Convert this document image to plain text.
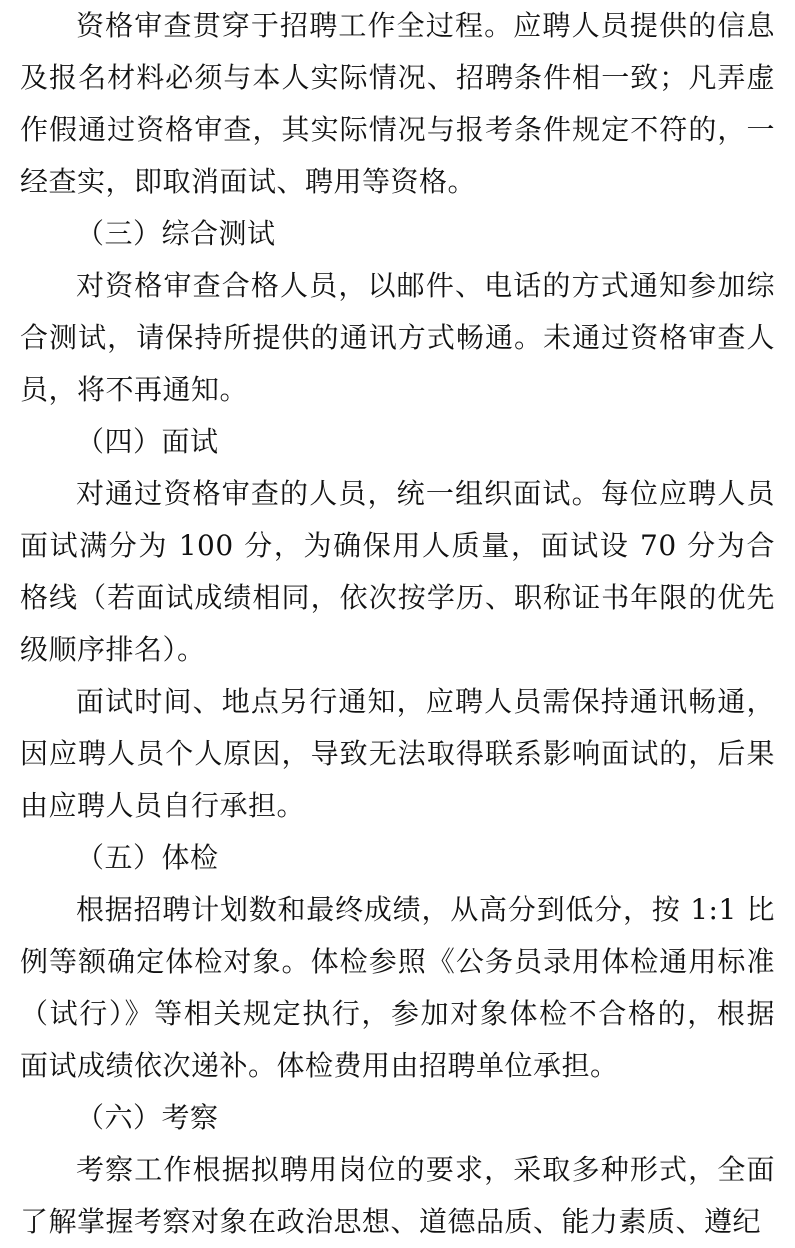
资格审查贯穿于招聘工作全过程。应聘人员提供的信息及报名材料必须与本人实际情况、招聘条件相一致；凡弄虚作假通过资格审查，其实际情况与报考条件规定不符的，一经查实，即取消面试、聘用等资格。

（三）综合测试

对资格审查合格人员，以邮件、电话的方式通知参加综合测试，请保持所提供的通讯方式畅通。未通过资格审查人员，将不再通知。

（四）面试

对通过资格审查的人员，统一组织面试。每位应聘人员面试满分为 100 分，为确保用人质量，面试设 70 分为合格线（若面试成绩相同，依次按学历、职称证书年限的优先级顺序排名）。

面试时间、地点另行通知，应聘人员需保持通讯畅通，因应聘人员个人原因，导致无法取得联系影响面试的，后果由应聘人员自行承担。

（五）体检

根据招聘计划数和最终成绩，从高分到低分，按 1:1 比例等额确定体检对象。体检参照《公务员录用体检通用标准（试行）》等相关规定执行，参加对象体检不合格的，根据面试成绩依次递补。体检费用由招聘单位承担。

（六）考察

考察工作根据拟聘用岗位的要求，采取多种形式，全面了解掌握考察对象在政治思想、道德品质、能力素质、遵纪
